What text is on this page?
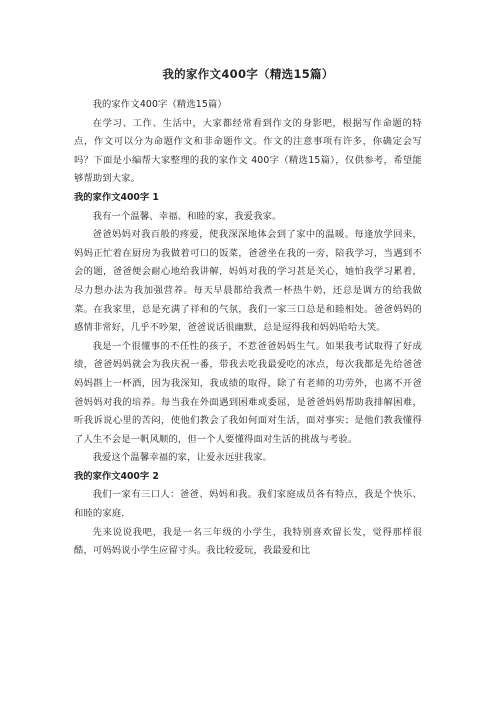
我的家作文400字（精选15篇）

我的家作文400字（精选15篇）

在学习、工作、生活中，大家都经常看到作文的身影吧，根据写作命题的特点，作文可以分为命题作文和非命题作文。作文的注意事项有许多，你确定会写吗？下面是小编帮大家整理的我的家作文 400字（精选15篇），仅供参考，希望能够帮助到大家。

我的家作文400字 1

我有一个温馨、幸福、和睦的家，我爱我家。

爸爸妈妈对我百般的疼爱，使我深深地体会到了家中的温暖。每逢放学回来，妈妈正忙着在厨房为我做着可口的饭菜，爸爸坐在我的一旁，陪我学习，当遇到不会的题，爸爸便会耐心地给我讲解，妈妈对我的学习甚是关心，她怕我学习累着，尽力想办法为我加强营养。每天早晨都给我煮一杯热牛奶，还总是调方的给我做菜。在我家里，总是充满了祥和的气氛，我们一家三口总是和睦相处。爸爸妈妈的感情非常好，几乎不吵架，爸爸说话很幽默，总是逗得我和妈妈哈哈大笑。

我是一个很懂事的不任性的孩子，不惹爸爸妈妈生气。如果我考试取得了好成绩，爸爸妈妈就会为我庆祝一番，带我去吃我最爱吃的冰点，每次我都是先给爸爸妈妈斟上一杯酒，因为我深知，我成绩的取得，除了有老师的功劳外，也离不开爸爸妈妈对我的培养。每当我在外面遇到困难或委屈，是爸爸妈妈帮助我排解困难，听我诉说心里的苦闷，使他们教会了我如何面对生活，面对事实；是他们教我懂得了人生不会是一帆风顺的，但一个人要懂得面对生活的挑战与考验。

我爱这个温馨幸福的家，让爱永远驻我家。

我的家作文400字 2

我们一家有三口人：爸爸、妈妈和我。我们家庭成员各有特点，我是个快乐、和睦的家庭．

先来说说我吧，我是一名三年级的小学生，我特别喜欢留长发，觉得那样很酷，可妈妈说小学生应留寸头。我比较爱玩，我最爱和比
